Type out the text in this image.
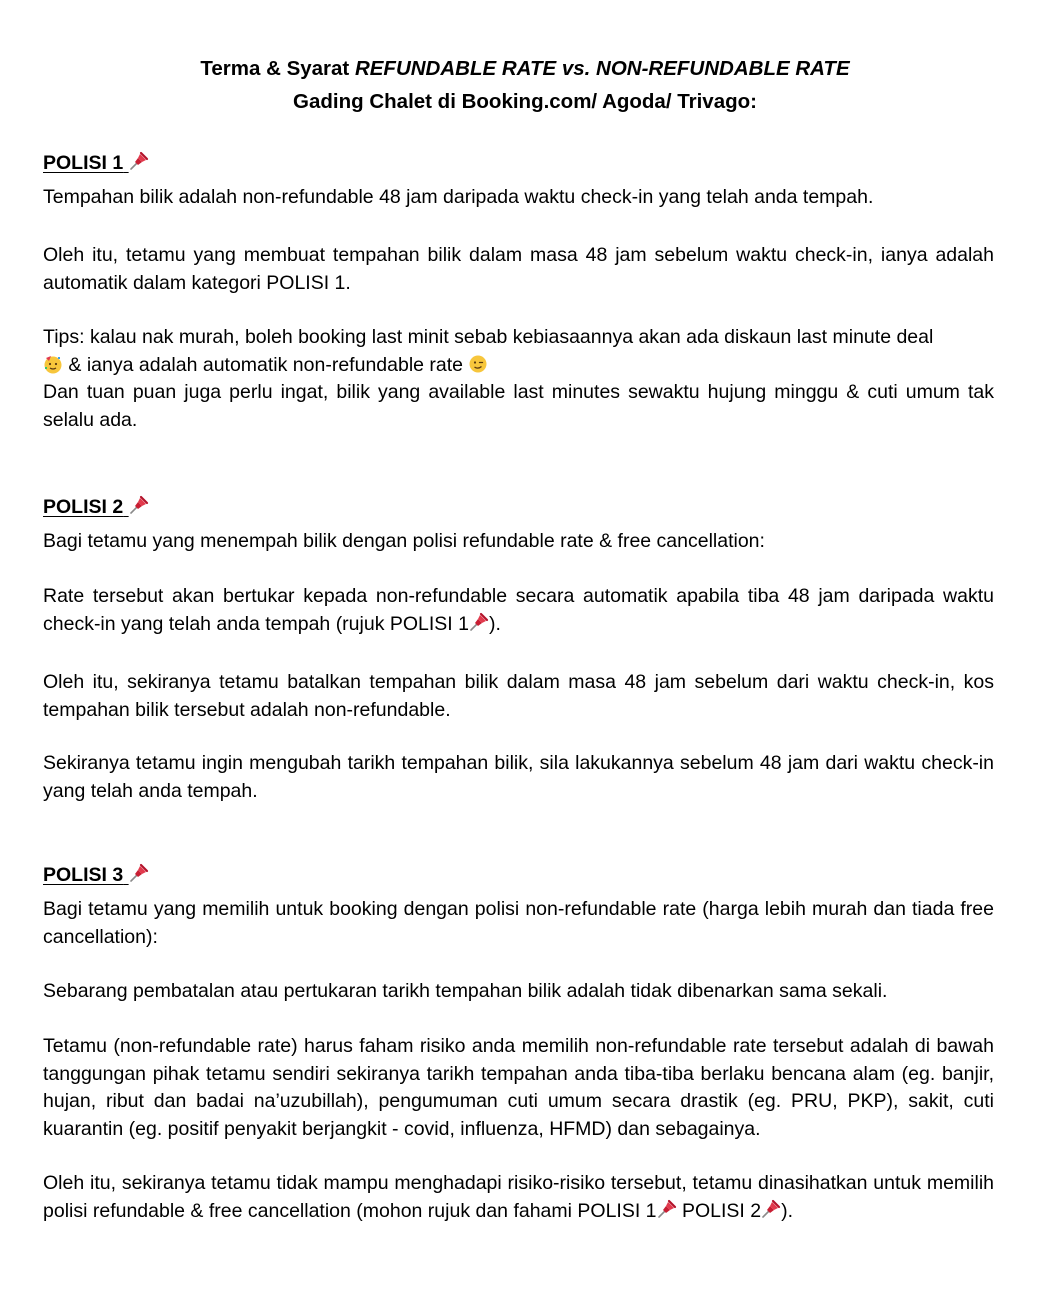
Terma & Syarat REFUNDABLE RATE vs. NON-REFUNDABLE RATE
Gading Chalet di Booking.com/ Agoda/ Trivago:
POLISI 1

Tempahan bilik adalah non-refundable 48 jam daripada waktu check-in yang telah anda tempah.

Oleh itu, tetamu yang membuat tempahan bilik dalam masa 48 jam sebelum waktu check-in, ianya adalah automatik dalam kategori POLISI 1.

Tips: kalau nak murah, boleh booking last minit sebab kebiasaannya akan ada diskaun last minute deal
& ianya adalah automatik non-refundable rate
Dan tuan puan juga perlu ingat, bilik yang available last minutes sewaktu hujung minggu & cuti umum tak selalu ada.

POLISI 2

Bagi tetamu yang menempah bilik dengan polisi refundable rate & free cancellation:

Rate tersebut akan bertukar kepada non-refundable secara automatik apabila tiba 48 jam daripada waktu check-in yang telah anda tempah (rujuk POLISI 1 ).

Oleh itu, sekiranya tetamu batalkan tempahan bilik dalam masa 48 jam sebelum dari waktu check-in, kos tempahan bilik tersebut adalah non-refundable.

Sekiranya tetamu ingin mengubah tarikh tempahan bilik, sila lakukannya sebelum 48 jam dari waktu check-in yang telah anda tempah.

POLISI 3

Bagi tetamu yang memilih untuk booking dengan polisi non-refundable rate (harga lebih murah dan tiada free cancellation):

Sebarang pembatalan atau pertukaran tarikh tempahan bilik adalah tidak dibenarkan sama sekali.

Tetamu (non-refundable rate) harus faham risiko anda memilih non-refundable rate tersebut adalah di bawah tanggungan pihak tetamu sendiri sekiranya tarikh tempahan anda tiba-tiba berlaku bencana alam (eg. banjir, hujan, ribut dan badai na’uzubillah), pengumuman cuti umum secara drastik (eg. PRU, PKP), sakit, cuti kuarantin (eg. positif penyakit berjangkit - covid, influenza, HFMD) dan sebagainya.

Oleh itu, sekiranya tetamu tidak mampu menghadapi risiko-risiko tersebut, tetamu dinasihatkan untuk memilih polisi refundable & free cancellation (mohon rujuk dan fahami POLISI 1 POLISI 2 ).
